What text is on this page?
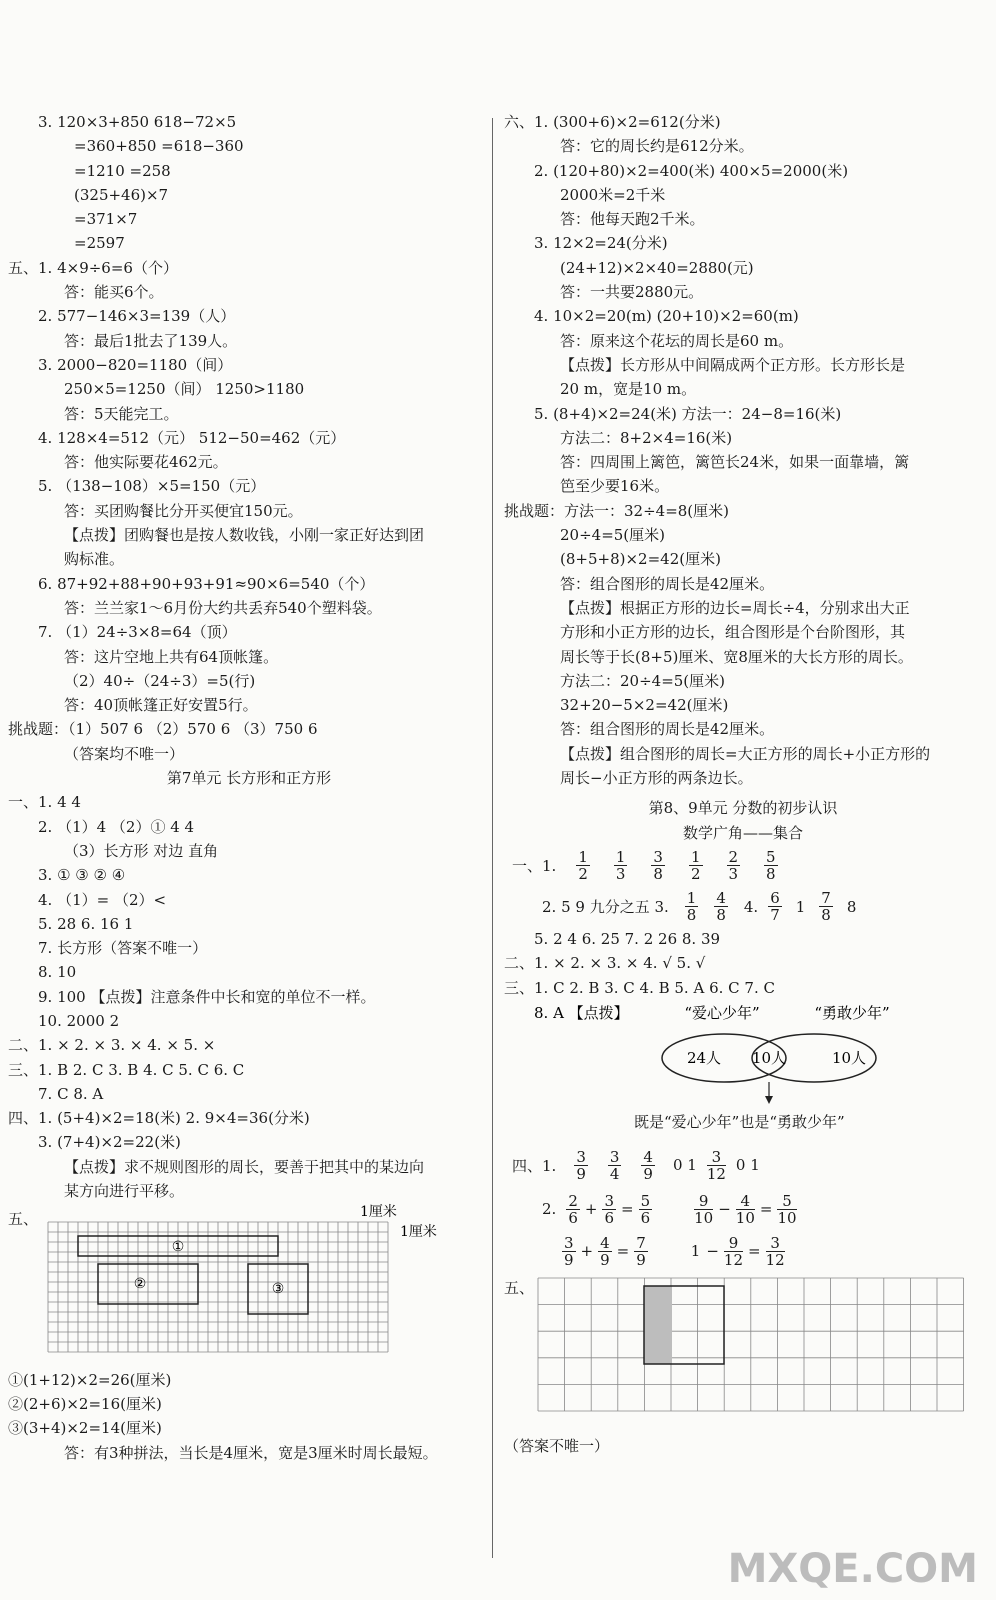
3. 120×3+850 618−72×5
=360+850 =618−360
=1210 =258
(325+46)×7
=371×7
=2597
五、1. 4×9÷6=6（个）
答：能买6个。
2. 577−146×3=139（人）
答：最后1批去了139人。
3. 2000−820=1180（间）
250×5=1250（间） 1250>1180
答：5天能完工。
4. 128×4=512（元） 512−50=462（元）
答：他实际要花462元。
5. （138−108）×5=150（元）
答：买团购餐比分开买便宜150元。
【点拨】团购餐也是按人数收钱，小刚一家正好达到团
购标准。
6. 87+92+88+90+93+91≈90×6=540（个）
答：兰兰家1～6月份大约共丢弃540个塑料袋。
7. （1）24÷3×8=64（顶）
答：这片空地上共有64顶帐篷。
（2）40÷（24÷3）=5(行)
答：40顶帐篷正好安置5行。
挑战题：（1）507 6 （2）570 6 （3）750 6
（答案均不唯一）
第7单元 长方形和正方形
一、1. 4 4
2. （1）4 （2）① 4 4
（3）长方形 对边 直角
3. ① ③ ② ④
4. （1）= （2）<
5. 28 6. 16 1
7. 长方形（答案不唯一）
8. 10
9. 100 【点拨】注意条件中长和宽的单位不一样。
10. 2000 2
二、1. × 2. × 3. × 4. × 5. ×
三、1. B 2. C 3. B 4. C 5. C 6. C
7. C 8. A
四、1. (5+4)×2=18(米) 2. 9×4=36(分米)
3. (7+4)×2=22(米)
【点拨】求不规则图形的周长，要善于把其中的某边向
某方向进行平移。
五、
①
②	③
1厘米
1厘米
①(1+12)×2=26(厘米)
②(2+6)×2=16(厘米)
③(3+4)×2=14(厘米)
答：有3种拼法，当长是4厘米，宽是3厘米时周长最短。
六、1. (300+6)×2=612(分米)
答：它的周长约是612分米。
2. (120+80)×2=400(米) 400×5=2000(米)
2000米=2千米
答：他每天跑2千米。
3. 12×2=24(分米)
(24+12)×2×40=2880(元)
答：一共要2880元。
4. 10×2=20(m) (20+10)×2=60(m)
答：原来这个花坛的周长是60 m。
【点拨】长方形从中间隔成两个正方形。长方形长是
20 m，宽是10 m。
5. (8+4)×2=24(米) 方法一：24−8=16(米)
方法二：8+2×4=16(米)
答：四周围上篱笆，篱笆长24米，如果一面靠墙，篱
笆至少要16米。
挑战题：方法一：32÷4=8(厘米)
20÷4=5(厘米)
(8+5+8)×2=42(厘米)
答：组合图形的周长是42厘米。
【点拨】根据正方形的边长=周长÷4，分别求出大正
方形和小正方形的边长，组合图形是个台阶图形，其
周长等于长(8+5)厘米、宽8厘米的大长方形的周长。
方法二：20÷4=5(厘米)
32+20−5×2=42(厘米)
答：组合图形的周长是42厘米。
【点拨】组合图形的周长=大正方形的周长+小正方形的
周长−小正方形的两条边长。
第8、9单元 分数的初步认识
数学广角——集合
一、1. $\frac{1}{2} \frac{1}{3} \frac{3}{8} \frac{1}{2} \frac{2}{3} \frac{5}{8}$
2. 5 9 九分之五 3. $\frac{1}{8} \frac{4}{8} 4$. $\frac{6}{7} 1 \frac{7}{8} 8$
5. 2 4 6. 25 7. 2 26 8. 39
二、1. × 2. × 3. × 4. √ 5. √
三、1. C 2. B 3. C 4. B 5. A 6. C 7. C
8. A 【点拨】	“爱心少年”	“勇敢少年”
24人 10人	10人
既是“爱心少年”也是“勇敢少年”
四、1. $\frac{3}{9} \frac{3}{4} \frac{4}{9} 0$ $1 \frac{3}{12} 0$ 1
2. $\frac{2}{6} + \frac{3}{6} = \frac{5}{6}$	$\frac{9}{10} - \frac{4}{10} = \frac{5}{10}$
$\frac{3}{9} + \frac{4}{9} = \frac{7}{9}$	$1 - \frac{9}{12} = \frac{3}{12}$
五、
（答案不唯一）
MXQE.COM
